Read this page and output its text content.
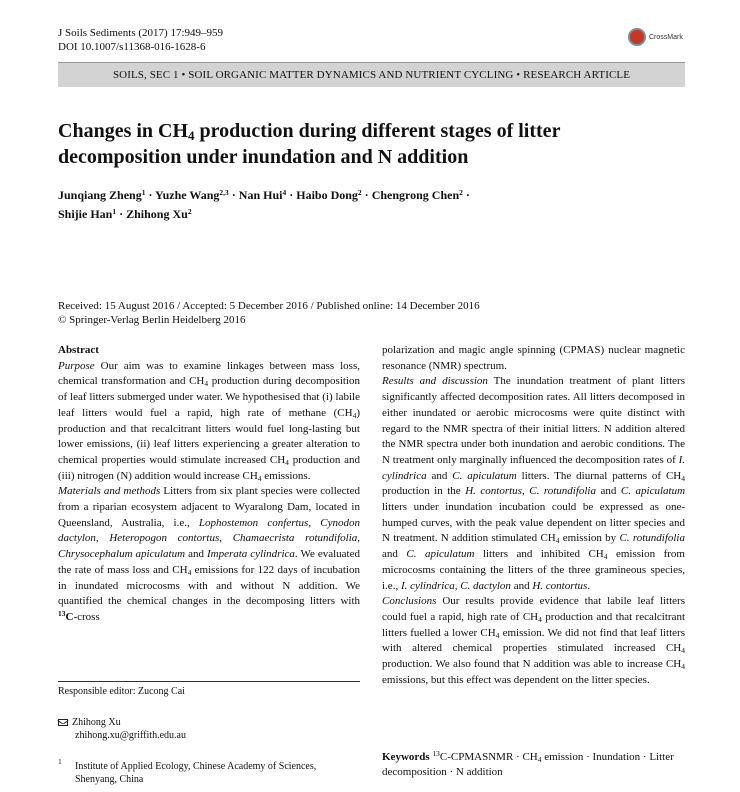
J Soils Sediments (2017) 17:949–959
DOI 10.1007/s11368-016-1628-6
CrossMark
SOILS, SEC 1 • SOIL ORGANIC MATTER DYNAMICS AND NUTRIENT CYCLING • RESEARCH ARTICLE
Changes in $CH_4$ production during different stages of litter
decomposition under inundation and N addition
Junqiang Zheng$^1$ · Yuzhe Wang$^{2,3}$ · Nan Hui$^4$ · Haibo Dong$^2$ · Chengrong Chen$^2$ ·
Shijie Han$^1$ · Zhihong Xu$^2$
Received: 15 August 2016 / Accepted: 5 December 2016 / Published online: 14 December 2016
© Springer-Verlag Berlin Heidelberg 2016
Abstract
Purpose Our aim was to examine linkages between mass loss, chemical transformation and $CH_4$ production during decomposition of leaf litters submerged under water. We hypothesised that (i) labile leaf litters would fuel a rapid, high rate of methane $(CH_4)$ production and that recalcitrant litters would fuel long-lasting but lower emissions, (ii) leaf litters experiencing a greater alteration to chemical properties would stimulate increased $CH_4$ production and (iii) nitrogen (N) addition would increase $CH_4$ emissions.
Materials and methods Litters from six plant species were collected from a riparian ecosystem adjacent to Wyaralong Dam, located in Queensland, Australia, i.e., Lophostemon confertus, Cynodon dactylon, Heteropogon contortus, Chamaecrista rotundifolia, Chrysocephalum apiculatum and Imperata cylindrica. We evaluated the rate of mass loss and $CH_4$ emissions for 122 days of incubation in inundated microcosms with and without N addition. We quantified the chemical changes in the decomposing litters with $^{13}$C-cross
polarization and magic angle spinning (CPMAS) nuclear magnetic resonance (NMR) spectrum.
Results and discussion The inundation treatment of plant litters significantly affected decomposition rates. All litters decomposed in either inundated or aerobic microcosms were quite distinct with regard to the NMR spectra of their initial litters. N addition altered the NMR spectra under both inundation and aerobic conditions. The N treatment only marginally influenced the decomposition rates of I. cylindrica and C. apiculatum litters. The diurnal patterns of $CH_4$ production in the H. contortus, C. rotundifolia and C. apiculatum litters under inundation incubation could be expressed as one-humped curves, with the peak value dependent on litter species and N treatment. N addition stimulated $CH_4$ emission by C. rotundifolia and C. apiculatum litters and inhibited $CH_4$ emission from microcosms containing the litters of the three gramineous species, i.e., I. cylindrica, C. dactylon and H. contortus.
Conclusions Our results provide evidence that labile leaf litters could fuel a rapid, high rate of $CH_4$ production and that recalcitrant litters fuelled a lower $CH_4$ emission. We did not find that leaf litters with altered chemical properties stimulated increased $CH_4$ production. We also found that N addition was able to increase $CH_4$ emissions, but this effect was dependent on the litter species.
Keywords $^{13}$C-CPMASNMR · $CH_4$ emission · Inundation · Litter decomposition · N addition
Responsible editor: Zucong Cai
Zhihong Xu
zhihong.xu@griffith.edu.au
$^1$ Institute of Applied Ecology, Chinese Academy of Sciences,
Shenyang, China
